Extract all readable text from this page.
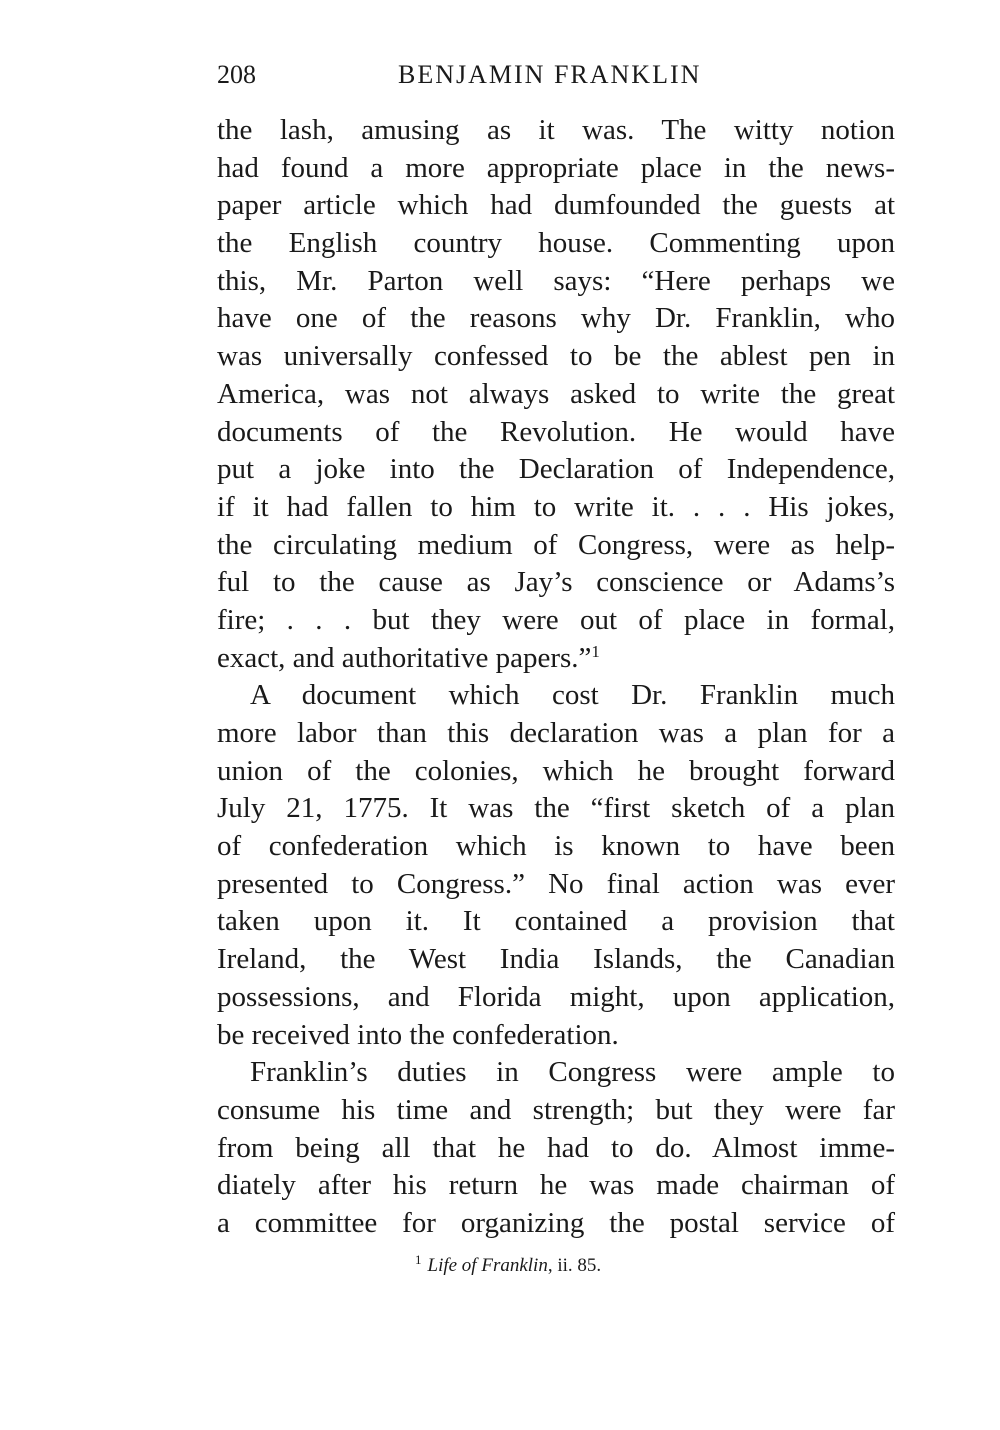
208	BENJAMIN FRANKLIN
the lash, amusing as it was. The witty notion
had found a more appropriate place in the news-
paper article which had dumfounded the guests at
the English country house. Commenting upon
this, Mr. Parton well says: “Here perhaps we
have one of the reasons why Dr. Franklin, who
was universally confessed to be the ablest pen in
America, was not always asked to write the great
documents of the Revolution. He would have
put a joke into the Declaration of Independence,
if it had fallen to him to write it. . . . His jokes,
the circulating medium of Congress, were as help-
ful to the cause as Jay’s conscience or Adams’s
fire; . . . but they were out of place in formal,
exact, and authoritative papers.”$^1$
A document which cost Dr. Franklin much
more labor than this declaration was a plan for a
union of the colonies, which he brought forward
July 21, 1775. It was the “first sketch of a plan
of confederation which is known to have been
presented to Congress.” No final action was ever
taken upon it. It contained a provision that
Ireland, the West India Islands, the Canadian
possessions, and Florida might, upon application,
be received into the confederation.
Franklin’s duties in Congress were ample to
consume his time and strength; but they were far
from being all that he had to do. Almost imme-
diately after his return he was made chairman of
a committee for organizing the postal service of
$^1$ Life of Franklin, ii. 85.
